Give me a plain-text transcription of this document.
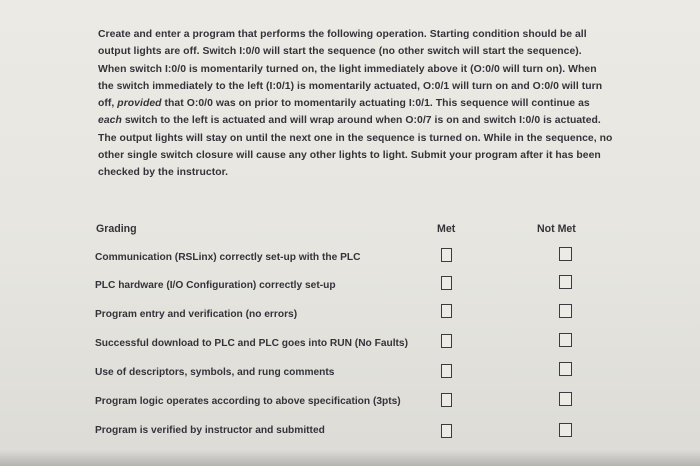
Create and enter a program that performs the following operation. Starting condition should be all
output lights are off. Switch I:0/0 will start the sequence (no other switch will start the sequence).
When switch I:0/0 is momentarily turned on, the light immediately above it (O:0/0 will turn on). When
the switch immediately to the left (I:0/1) is momentarily actuated, O:0/1 will turn on and O:0/0 will turn
off, provided that O:0/0 was on prior to momentarily actuating I:0/1. This sequence will continue as
each switch to the left is actuated and will wrap around when O:0/7 is on and switch I:0/0 is actuated.
The output lights will stay on until the next one in the sequence is turned on. While in the sequence, no
other single switch closure will cause any other lights to light. Submit your program after it has been
checked by the instructor.

Grading	Met	Not Met
Communication (RSLinx) correctly set-up with the PLC
PLC hardware (I/O Configuration) correctly set-up
Program entry and verification (no errors)
Successful download to PLC and PLC goes into RUN (No Faults)
Use of descriptors, symbols, and rung comments
Program logic operates according to above specification (3pts)
Program is verified by instructor and submitted
